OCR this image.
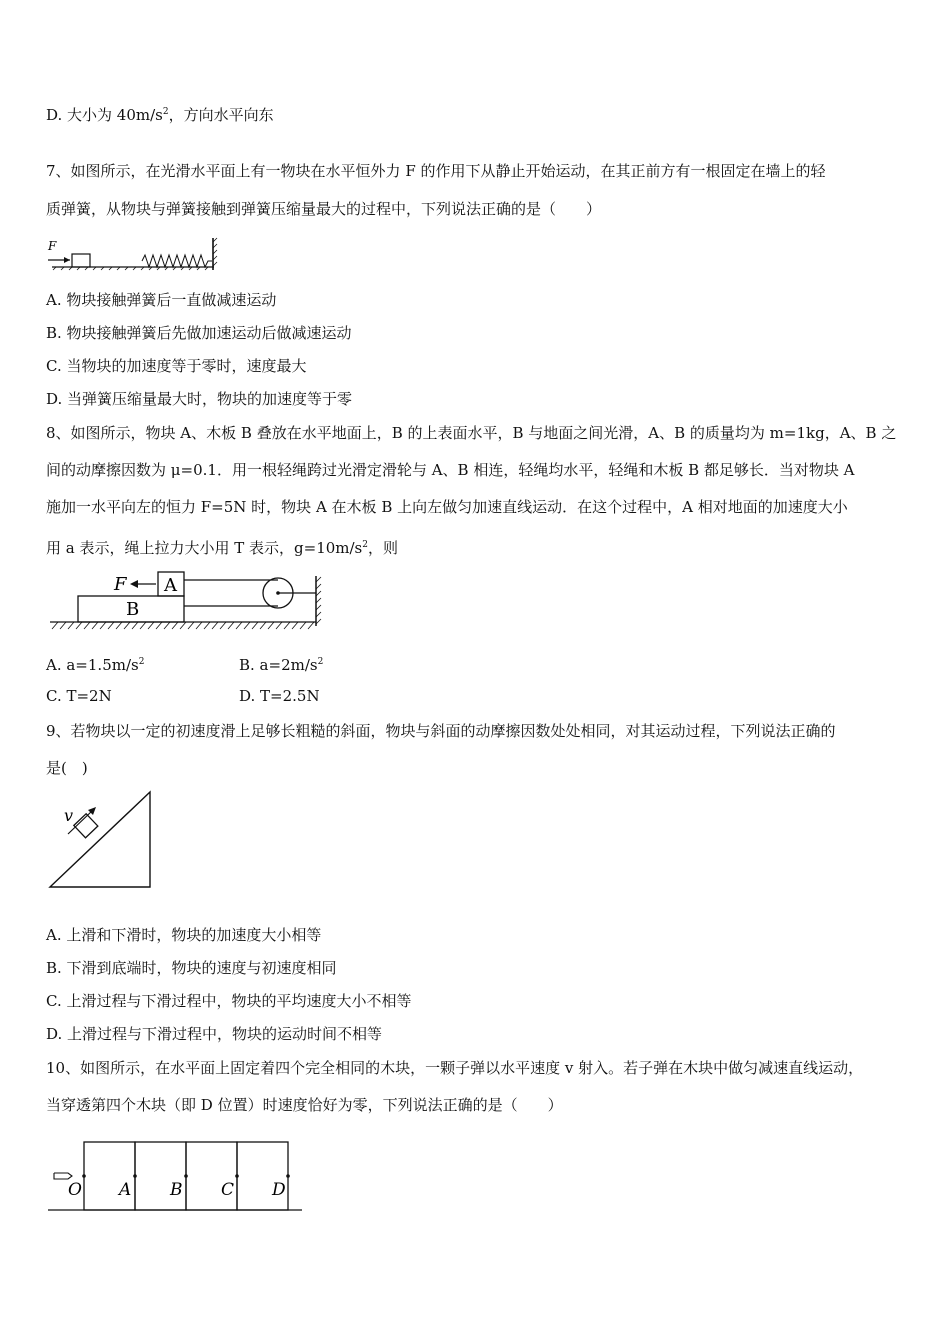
D. 大小为 $40m/s^2$，方向水平向东
7、如图所示，在光滑水平面上有一物块在水平恒外力 F 的作用下从静止开始运动，在其正前方有一根固定在墙上的轻
质弹簧，从物块与弹簧接触到弹簧压缩量最大的过程中，下列说法正确的是（　　）
F
A. 物块接触弹簧后一直做减速运动
B. 物块接触弹簧后先做加速运动后做减速运动
C. 当物块的加速度等于零时，速度最大
D. 当弹簧压缩量最大时，物块的加速度等于零
8、如图所示，物块 A、木板 B 叠放在水平地面上，B 的上表面水平，B 与地面之间光滑，A、B 的质量均为 m=1kg，A、B 之
间的动摩擦因数为 μ=0.1．用一根轻绳跨过光滑定滑轮与 A、B 相连，轻绳均水平，轻绳和木板 B 都足够长．当对物块 A
施加一水平向左的恒力 F=5N 时，物块 A 在木板 B 上向左做匀加速直线运动．在这个过程中，A 相对地面的加速度大小
用 a 表示，绳上拉力大小用 T 表示，$g=10m/s^2$，则
F A
B
A. $a=1.5m/s^2$	B. $a=2m/s^2$
C. T=2N	D. T=2.5N
9、若物块以一定的初速度滑上足够长粗糙的斜面，物块与斜面的动摩擦因数处处相同，对其运动过程，下列说法正确的
是(　)
v
A. 上滑和下滑时，物块的加速度大小相等
B. 下滑到底端时，物块的速度与初速度相同
C. 上滑过程与下滑过程中，物块的平均速度大小不相等
D. 上滑过程与下滑过程中，物块的运动时间不相等
10、如图所示，在水平面上固定着四个完全相同的木块，一颗子弹以水平速度 v 射入。若子弹在木块中做匀减速直线运动，
当穿透第四个木块（即 D 位置）时速度恰好为零，下列说法正确的是（　　）
O A B C D
